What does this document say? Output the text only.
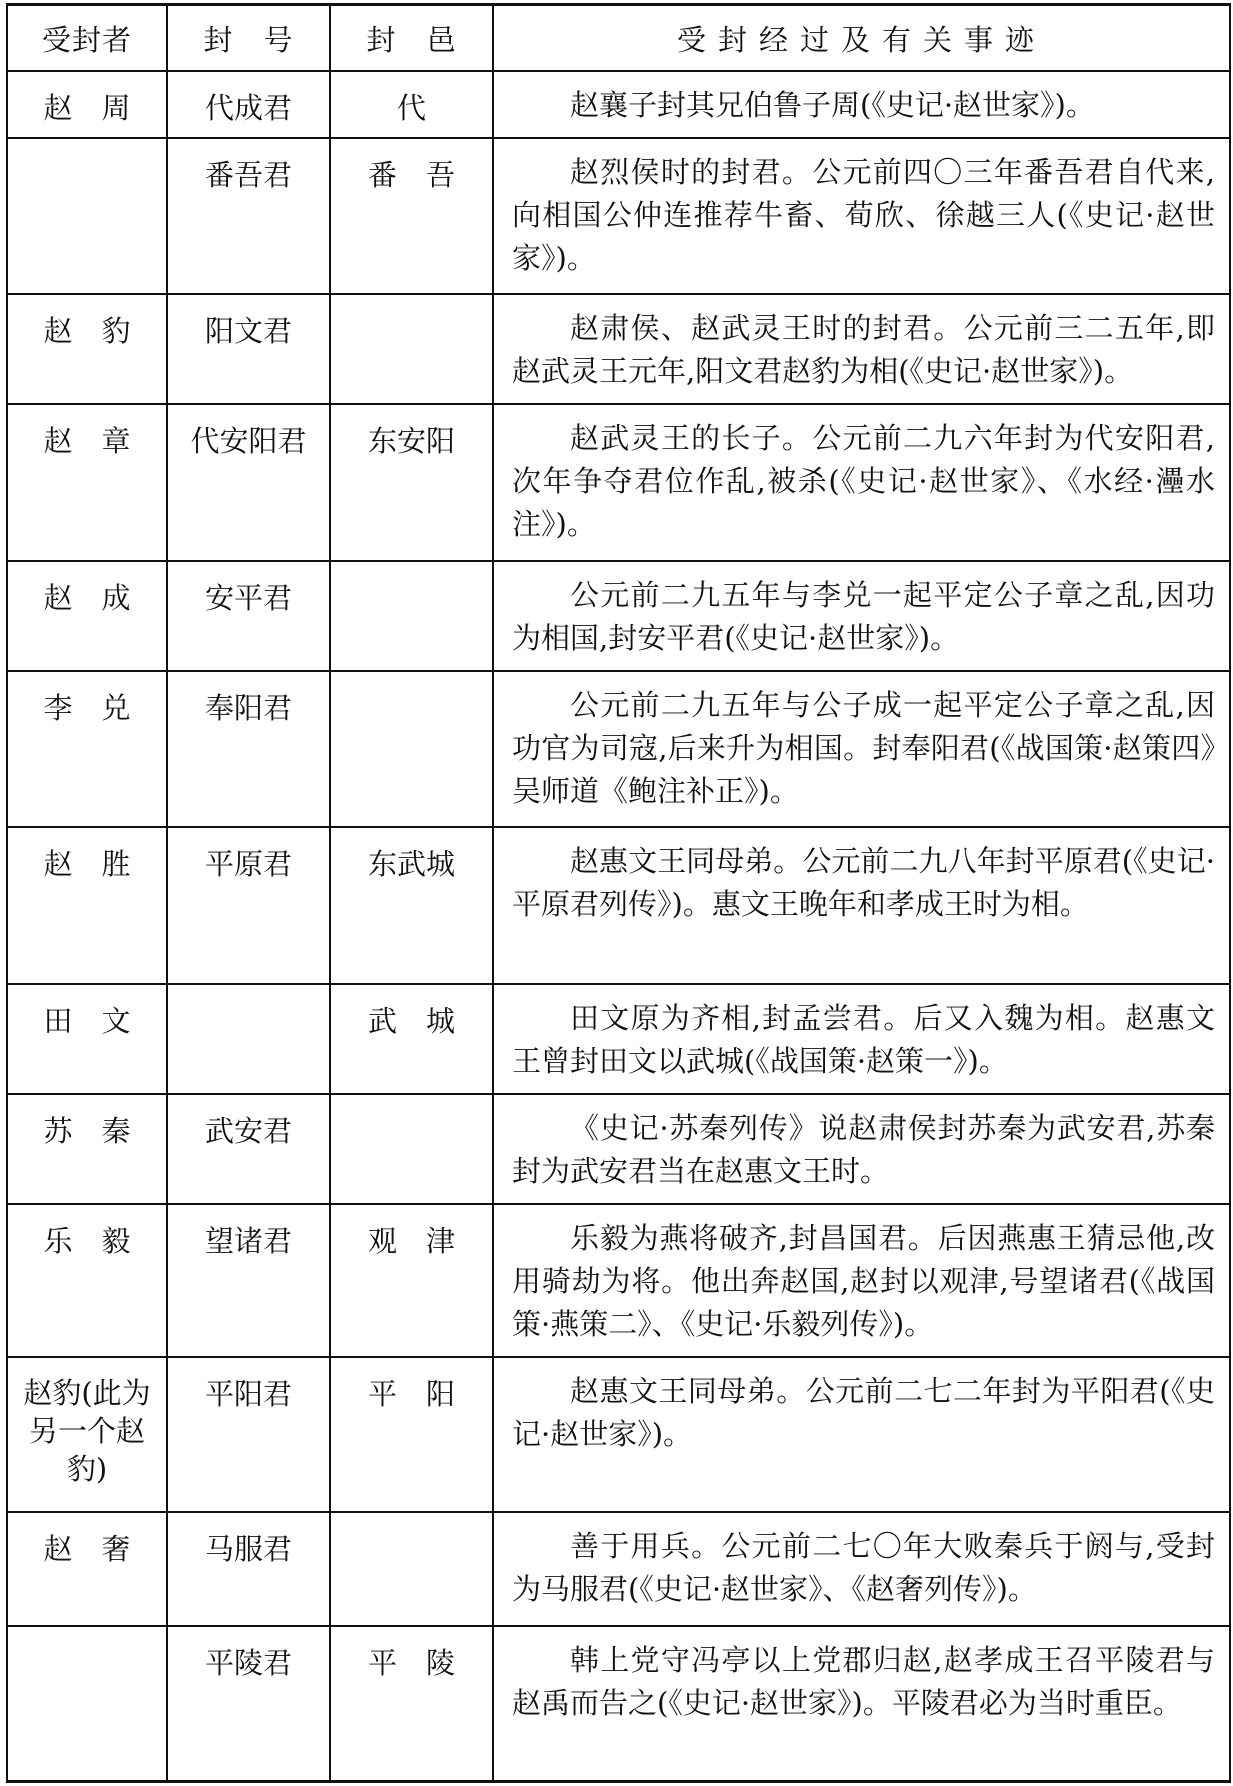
受封者	封　号	封　邑	受封经过及有关事迹
赵　周	代成君	代	赵襄子封其兄伯鲁子周(《史记·赵世家》)。
	番吾君	番　吾	赵烈侯时的封君。公元前四〇三年番吾君自代来,向相国公仲连推荐牛畜、荀欣、徐越三人(《史记·赵世家》)。
赵　豹	阳文君		赵肃侯、赵武灵王时的封君。公元前三二五年,即赵武灵王元年,阳文君赵豹为相(《史记·赵世家》)。
赵　章	代安阳君	东安阳	赵武灵王的长子。公元前二九六年封为代安阳君,次年争夺君位作乱,被杀(《史记·赵世家》、《水经·灅水注》)。
赵　成	安平君		公元前二九五年与李兑一起平定公子章之乱,因功为相国,封安平君(《史记·赵世家》)。
李　兑	奉阳君		公元前二九五年与公子成一起平定公子章之乱,因功官为司寇,后来升为相国。封奉阳君(《战国策·赵策四》吴师道《鲍注补正》)。
赵　胜	平原君	东武城	赵惠文王同母弟。公元前二九八年封平原君(《史记·平原君列传》)。惠文王晚年和孝成王时为相。
田　文		武　城	田文原为齐相,封孟尝君。后又入魏为相。赵惠文王曾封田文以武城(《战国策·赵策一》)。
苏　秦	武安君		《史记·苏秦列传》说赵肃侯封苏秦为武安君,苏秦封为武安君当在赵惠文王时。
乐　毅	望诸君	观　津	乐毅为燕将破齐,封昌国君。后因燕惠王猜忌他,改用骑劫为将。他出奔赵国,赵封以观津,号望诸君(《战国策·燕策二》、《史记·乐毅列传》)。
赵豹(此为另一个赵豹)	平阳君	平　阳	赵惠文王同母弟。公元前二七二年封为平阳君(《史记·赵世家》)。
赵　奢	马服君		善于用兵。公元前二七〇年大败秦兵于阏与,受封为马服君(《史记·赵世家》、《赵奢列传》)。
	平陵君	平　陵	韩上党守冯亭以上党郡归赵,赵孝成王召平陵君与赵禹而告之(《史记·赵世家》)。平陵君必为当时重臣。
